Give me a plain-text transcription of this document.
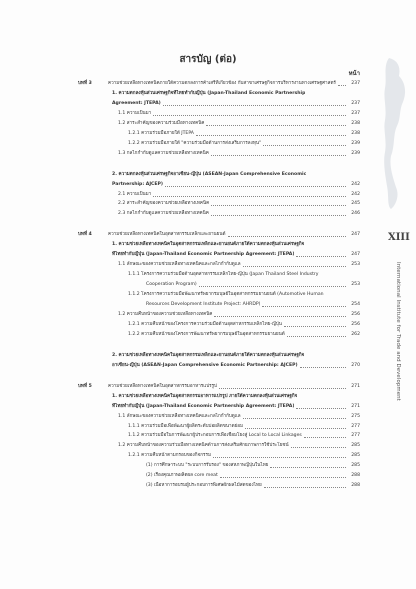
สารบัญ (ต่อ)
หน้า
บทที่ 3	ความช่วยเหลือทางเทคนิคภายใต้ความตกลงการค้าเสรีที่เกี่ยวข้อง กับสาขาเศรษฐกิจการบริหารงานทางเศรษฐศาสตร์	237
1. ความตกลงหุ้นส่วนเศรษฐกิจที่ไทยทำกับญี่ปุ่น (Japan-Thailand Economic Partnership
Agreement: JTEPA)	237
1.1 ความเป็นมา	237
1.2 สาระสำคัญของความร่วมมือทางเทคนิค	238
1.2.1 ความร่วมมือภายใต้ JTEPA	238
1.2.2 ความร่วมมือภายใต้ "ความร่วมมือด้านการส่งเสริมการลงทุน"	239
1.3 กลไกกำกับดูแลความช่วยเหลือทางเทคนิค	239
2. ความตกลงหุ้นส่วนเศรษฐกิจอาเซียน-ญี่ปุ่น (ASEAN-Japan Comprehensive Economic
Partnership: AJCEP)	242
2.1 ความเป็นมา	242
2.2 สาระสำคัญของความช่วยเหลือทางเทคนิค	245
2.3 กลไกกำกับดูแลความช่วยเหลือทางเทคนิค	246
บทที่ 4	ความช่วยเหลือทางเทคนิคในอุตสาหกรรมเหล็กและยานยนต์	247
1. ความช่วยเหลือทางเทคนิคในอุตสาหกรรมเหล็กและยานยนต์ภายใต้ความตกลงหุ้นส่วนเศรษฐกิจ
ที่ไทยทำกับญี่ปุ่น (Japan-Thailand Economic Partnership Agreement: JTEPA)	247
1.1 ลักษณะของความช่วยเหลือทางเทคนิคและกลไกกำกับดูแล	253
1.1.1 โครงการความร่วมมือด้านอุตสาหกรรมเหล็กไทย-ญี่ปุ่น (Japan Thailand Steel Industry
Cooperation Program)	253
1.1.2 โครงการความร่วมมือพัฒนาทรัพยากรมนุษย์ในอุตสาหกรรมยานยนต์ (Automotive Human
Resources Development Institute Project: AHRDP)	254
1.2 ความคืบหน้าของความช่วยเหลือทางเทคนิค	256
1.2.1 ความคืบหน้าของโครงการความร่วมมือด้านอุตสาหกรรมเหล็กไทย-ญี่ปุ่น	256
1.2.2 ความคืบหน้าของโครงการพัฒนาทรัพยากรมนุษย์ในอุตสาหกรรมยานยนต์	262
2. ความช่วยเหลือทางเทคนิคในอุตสาหกรรมเหล็กและยานยนต์ภายใต้ความตกลงหุ้นส่วนเศรษฐกิจ
อาเซียน-ญี่ปุ่น (ASEAN-Japan Comprehensive Economic Partnership: AJCEP)	270
บทที่ 5	ความช่วยเหลือทางเทคนิคในอุตสาหกรรมอาหารแปรรูป	271
1. ความช่วยเหลือทางเทคนิคในอุตสาหกรรมอาหารแปรรูป ภายใต้ความตกลงหุ้นส่วนเศรษฐกิจ
ที่ไทยทำกับญี่ปุ่น (Japan-Thailand Economic Partnership Agreement: JTEPA)	271
1.1 ลักษณะของความช่วยเหลือทางเทคนิคและกลไกกำกับดูแล	275
1.1.1 ความร่วมมือเพื่อพัฒนาผู้ผลิตระดับบ่อผลิตขนาดย่อม	277
1.1.2 ความร่วมมือในการพัฒนาผู้ประกอบการเพื่อเชื่อมโยงสู่ Local to Local Linkages	277
1.2 ความคืบหน้าของความร่วมมือทางเทคนิคด้านการส่งเสริมศักยภาพการใช้ประโยชน์	285
1.2.1 ความคืบหน้าตามกรอบของกิจกรรม	285
(1) การศึกษาระบบ "ระบบการรับรอง" ของสหภาพญี่ปุ่นในไทย	285
(2) เรื่องคุณภาพผลิตผล core meat	288
(3) เนื้อหาการอบรมผู้ประกอบการพิเศษผักผลไม้สดของไทย	288
XIII
International Institute for Trade and Development
